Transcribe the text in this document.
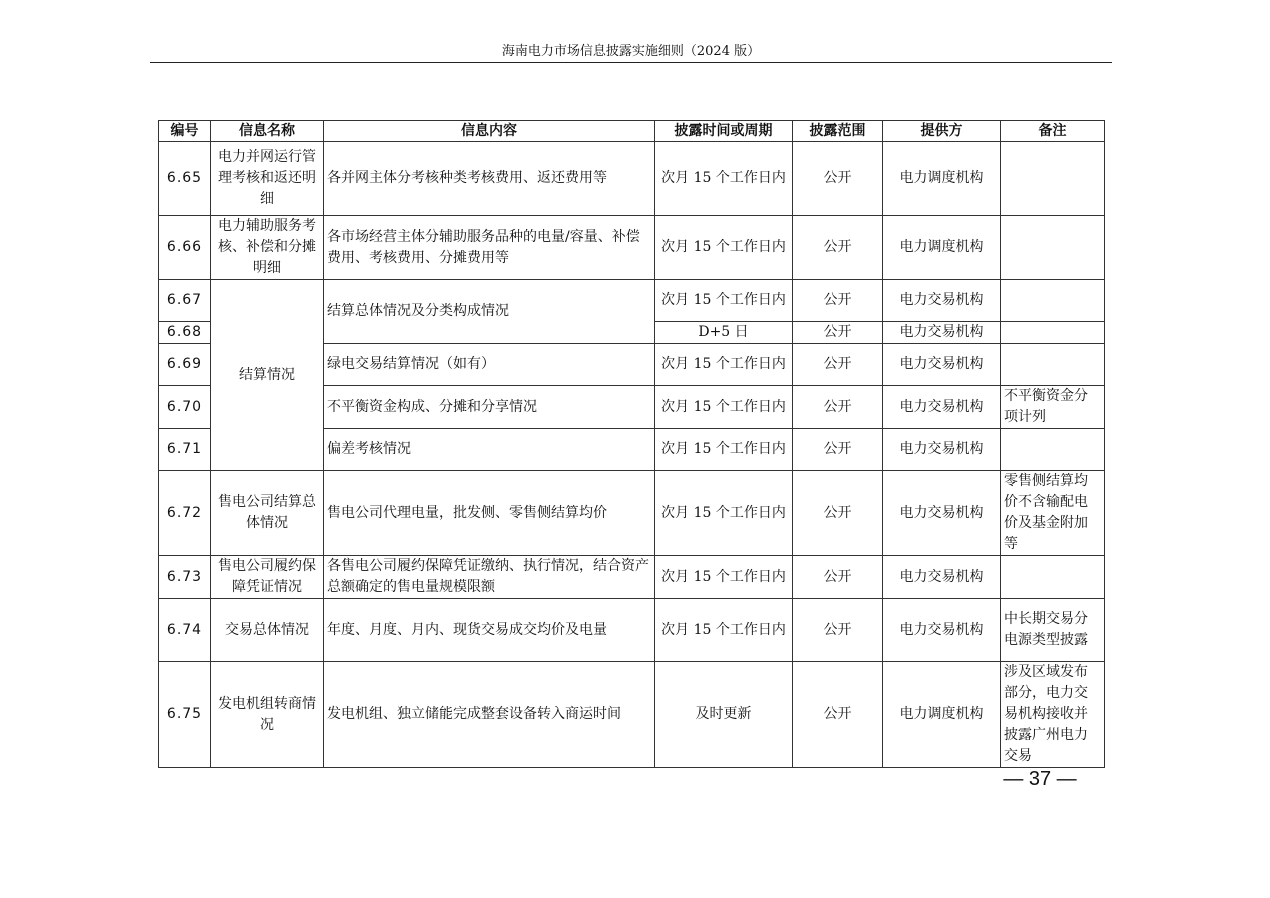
海南电力市场信息披露实施细则（2024 版）
编号	信息名称	信息内容	披露时间或周期	披露范围	提供方	备注
6.65	电力并网运行管理考核和返还明细	各并网主体分考核种类考核费用、返还费用等	次月 15 个工作日内	公开	电力调度机构	
6.66	电力辅助服务考核、补偿和分摊明细	各市场经营主体分辅助服务品种的电量/容量、补偿费用、考核费用、分摊费用等	次月 15 个工作日内	公开	电力调度机构	
6.67	结算情况	结算总体情况及分类构成情况	次月 15 个工作日内	公开	电力交易机构	
6.68			D+5 日	公开	电力交易机构	
6.69		绿电交易结算情况（如有）	次月 15 个工作日内	公开	电力交易机构	
6.70		不平衡资金构成、分摊和分享情况	次月 15 个工作日内	公开	电力交易机构	不平衡资金分项计列
6.71		偏差考核情况	次月 15 个工作日内	公开	电力交易机构	
6.72	售电公司结算总体情况	售电公司代理电量，批发侧、零售侧结算均价	次月 15 个工作日内	公开	电力交易机构	零售侧结算均价不含输配电价及基金附加等
6.73	售电公司履约保障凭证情况	各售电公司履约保障凭证缴纳、执行情况，结合资产总额确定的售电量规模限额	次月 15 个工作日内	公开	电力交易机构	
6.74	交易总体情况	年度、月度、月内、现货交易成交均价及电量	次月 15 个工作日内	公开	电力交易机构	中长期交易分电源类型披露
6.75	发电机组转商情况	发电机组、独立储能完成整套设备转入商运时间	及时更新	公开	电力调度机构	涉及区域发布部分，电力交易机构接收并披露广州电力交易
— 37 —
